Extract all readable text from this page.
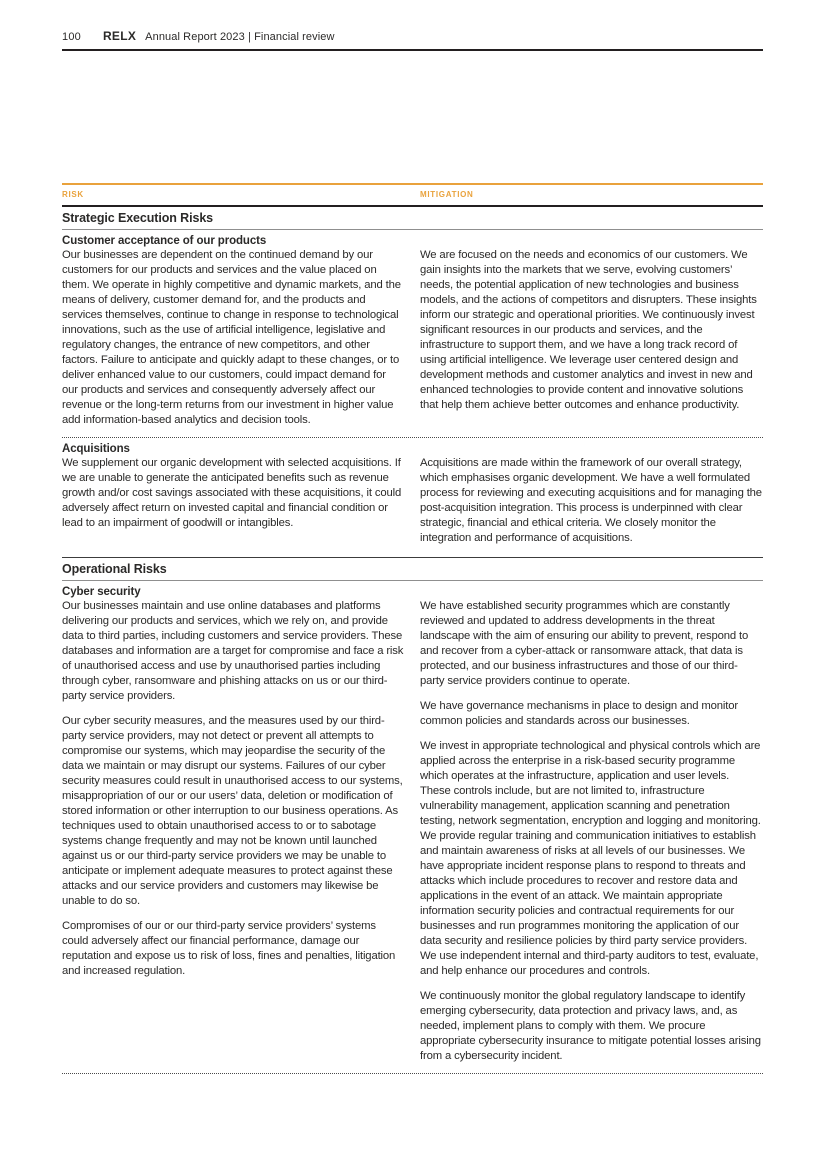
100 RELX Annual Report 2023 | Financial review
RISK	MITIGATION
Strategic Execution Risks
Customer acceptance of our products

Our businesses are dependent on the continued demand by our customers for our products and services and the value placed on them. We operate in highly competitive and dynamic markets, and the means of delivery, customer demand for, and the products and services themselves, continue to change in response to technological innovations, such as the use of artificial intelligence, legislative and regulatory changes, the entrance of new competitors, and other factors. Failure to anticipate and quickly adapt to these changes, or to deliver enhanced value to our customers, could impact demand for our products and services and consequently adversely affect our revenue or the long-term returns from our investment in higher value add information-based analytics and decision tools.

We are focused on the needs and economics of our customers. We gain insights into the markets that we serve, evolving customers’ needs, the potential application of new technologies and business models, and the actions of competitors and disrupters. These insights inform our strategic and operational priorities. We continuously invest significant resources in our products and services, and the infrastructure to support them, and we have a long track record of using artificial intelligence. We leverage user centered design and development methods and customer analytics and invest in new and enhanced technologies to provide content and innovative solutions that help them achieve better outcomes and enhance productivity.

Acquisitions

We supplement our organic development with selected acquisitions. If we are unable to generate the anticipated benefits such as revenue growth and/or cost savings associated with these acquisitions, it could adversely affect return on invested capital and financial condition or lead to an impairment of goodwill or intangibles.

Acquisitions are made within the framework of our overall strategy, which emphasises organic development. We have a well formulated process for reviewing and executing acquisitions and for managing the post-acquisition integration. This process is underpinned with clear strategic, financial and ethical criteria. We closely monitor the integration and performance of acquisitions.

Operational Risks
Cyber security

Our businesses maintain and use online databases and platforms delivering our products and services, which we rely on, and provide data to third parties, including customers and service providers. These databases and information are a target for compromise and face a risk of unauthorised access and use by unauthorised parties including through cyber, ransomware and phishing attacks on us or our third-party service providers.

Our cyber security measures, and the measures used by our third-party service providers, may not detect or prevent all attempts to compromise our systems, which may jeopardise the security of the data we maintain or may disrupt our systems. Failures of our cyber security measures could result in unauthorised access to our systems, misappropriation of our or our users’ data, deletion or modification of stored information or other interruption to our business operations. As techniques used to obtain unauthorised access to or to sabotage systems change frequently and may not be known until launched against us or our third-party service providers we may be unable to anticipate or implement adequate measures to protect against these attacks and our service providers and customers may likewise be unable to do so.

Compromises of our or our third-party service providers’ systems could adversely affect our financial performance, damage our reputation and expose us to risk of loss, fines and penalties, litigation and increased regulation.

We have established security programmes which are constantly reviewed and updated to address developments in the threat landscape with the aim of ensuring our ability to prevent, respond to and recover from a cyber-attack or ransomware attack, that data is protected, and our business infrastructures and those of our third-party service providers continue to operate.

We have governance mechanisms in place to design and monitor common policies and standards across our businesses.

We invest in appropriate technological and physical controls which are applied across the enterprise in a risk-based security programme which operates at the infrastructure, application and user levels. These controls include, but are not limited to, infrastructure vulnerability management, application scanning and penetration testing, network segmentation, encryption and logging and monitoring. We provide regular training and communication initiatives to establish and maintain awareness of risks at all levels of our businesses. We have appropriate incident response plans to respond to threats and attacks which include procedures to recover and restore data and applications in the event of an attack. We maintain appropriate information security policies and contractual requirements for our businesses and run programmes monitoring the application of our data security and resilience policies by third party service providers. We use independent internal and third-party auditors to test, evaluate, and help enhance our procedures and controls.

We continuously monitor the global regulatory landscape to identify emerging cybersecurity, data protection and privacy laws, and, as needed, implement plans to comply with them. We procure appropriate cybersecurity insurance to mitigate potential losses arising from a cybersecurity incident.
